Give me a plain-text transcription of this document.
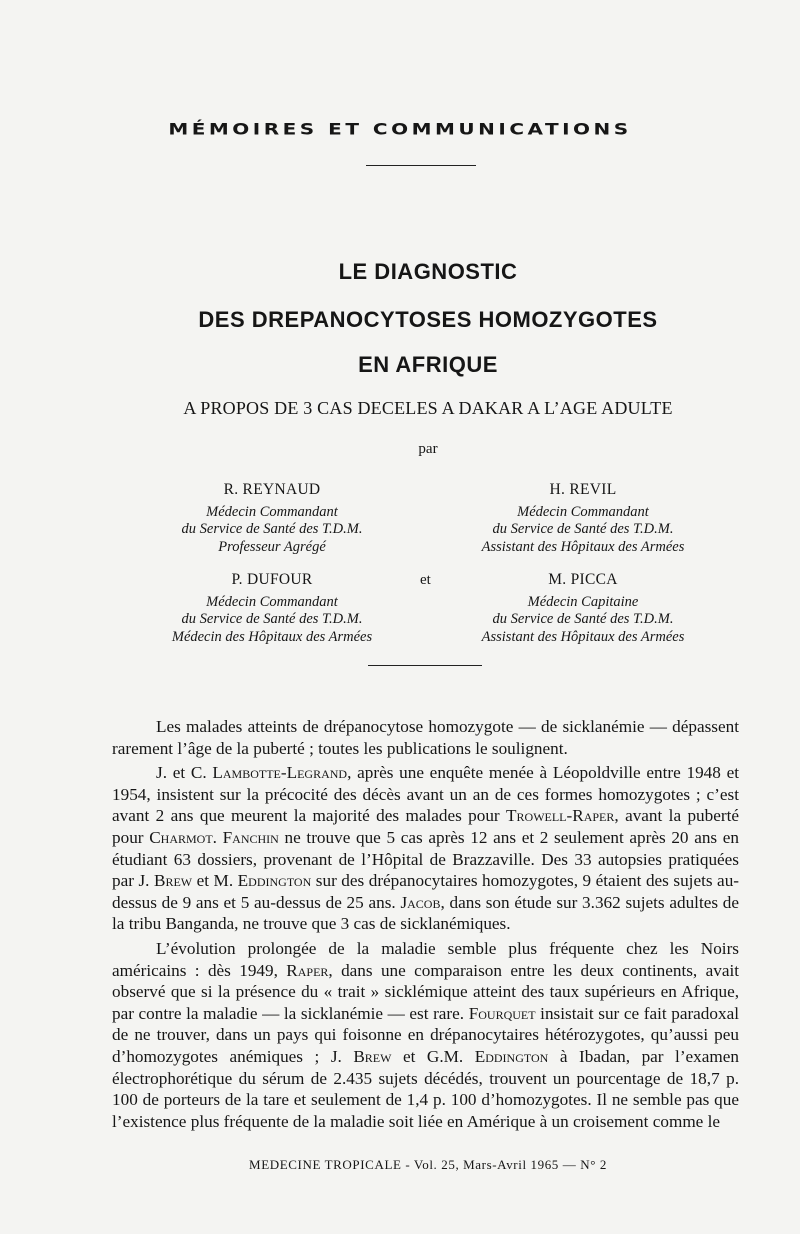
MÉMOIRES ET COMMUNICATIONS
LE DIAGNOSTIC
DES DREPANOCYTOSES HOMOZYGOTES
EN AFRIQUE
A PROPOS DE 3 CAS DECELES A DAKAR A L’AGE ADULTE
par
R. REYNAUD
Médecin Commandant
du Service de Santé des T.D.M.
Professeur Agrégé
H. REVIL
Médecin Commandant
du Service de Santé des T.D.M.
Assistant des Hôpitaux des Armées
et
P. DUFOUR
Médecin Commandant
du Service de Santé des T.D.M.
Médecin des Hôpitaux des Armées
M. PICCA
Médecin Capitaine
du Service de Santé des T.D.M.
Assistant des Hôpitaux des Armées

Les malades atteints de drépanocytose homozygote — de sicklanémie — dépassent rarement l’âge de la puberté ; toutes les publications le soulignent.

J. et C. Lambotte-Legrand, après une enquête menée à Léopoldville entre 1948 et 1954, insistent sur la précocité des décès avant un an de ces formes homozygotes ; c’est avant 2 ans que meurent la majorité des malades pour Trowell-Raper, avant la puberté pour Charmot. Fanchin ne trouve que 5 cas après 12 ans et 2 seulement après 20 ans en étudiant 63 dossiers, provenant de l’Hôpital de Brazzaville. Des 33 autopsies pratiquées par J. Brew et M. Eddington sur des drépanocytaires homozygotes, 9 étaient des sujets au-dessus de 9 ans et 5 au-dessus de 25 ans. Jacob, dans son étude sur 3.362 sujets adultes de la tribu Banganda, ne trouve que 3 cas de sicklanémiques.

L’évolution prolongée de la maladie semble plus fréquente chez les Noirs américains : dès 1949, Raper, dans une comparaison entre les deux continents, avait observé que si la présence du « trait » sicklémique atteint des taux supérieurs en Afrique, par contre la maladie — la sicklanémie — est rare. Fourquet insistait sur ce fait paradoxal de ne trouver, dans un pays qui foisonne en drépanocytaires hétérozygotes, qu’aussi peu d’homozygotes anémiques ; J. Brew et G.M. Eddington à Ibadan, par l’examen électrophorétique du sérum de 2.435 sujets décédés, trouvent un pourcentage de 18,7 p. 100 de porteurs de la tare et seulement de 1,4 p. 100 d’homozygotes. Il ne semble pas que l’existence plus fréquente de la maladie soit liée en Amérique à un croisement comme le

MEDECINE TROPICALE - Vol. 25, Mars-Avril 1965 — N° 2
